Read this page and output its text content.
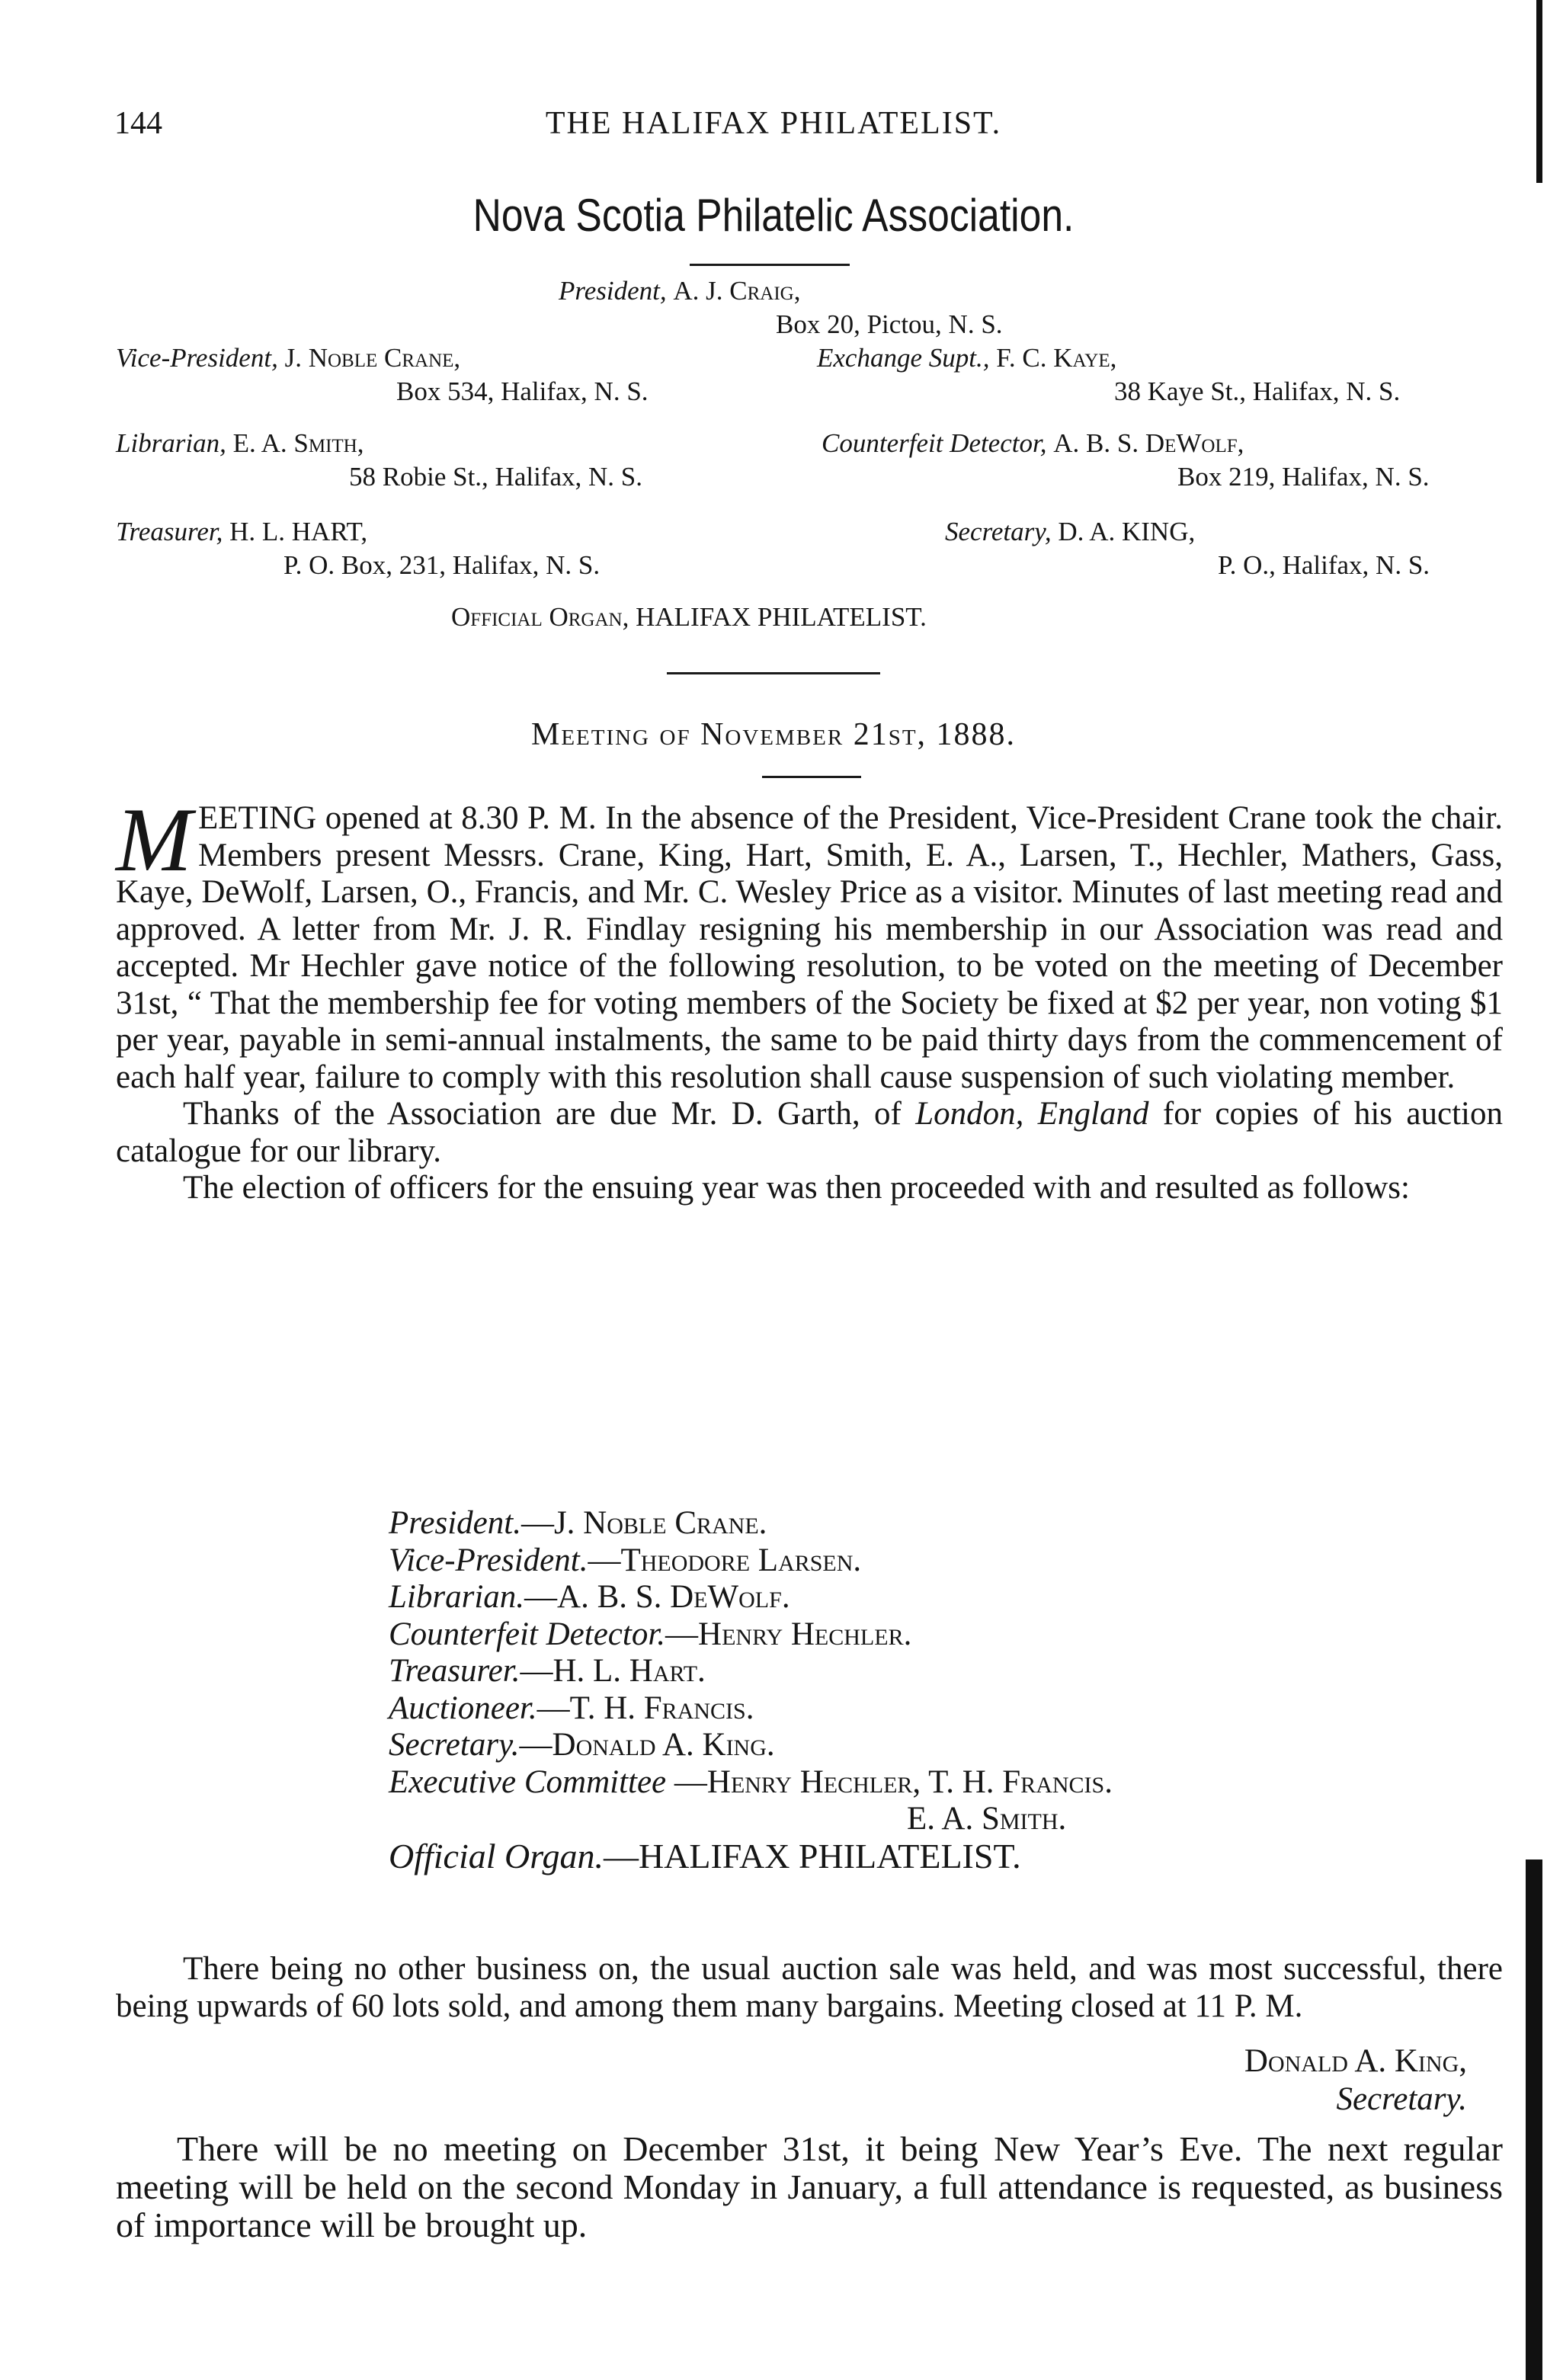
144	THE HALIFAX PHILATELIST.
Nova Scotia Philatelic Association.
President, A. J. Craig,
Box 20, Pictou, N. S.
Vice-President, J. Noble Crane,
Box 534, Halifax, N. S.
Exchange Supt., F. C. Kaye,
38 Kaye St., Halifax, N. S.
Librarian, E. A. Smith,
58 Robie St., Halifax, N. S.
Counterfeit Detector, A. B. S. DeWolf,
Box 219, Halifax, N. S.
Treasurer, H. L. HART,
P. O. Box, 231, Halifax, N. S.
Secretary, D. A. KING,
P. O., Halifax, N. S.
Official Organ, HALIFAX PHILATELIST.
Meeting of November 21st, 1888.

MEETING opened at 8.30 P. M. In the absence of the President, Vice-President Crane took the chair. Members present Messrs. Crane, King, Hart, Smith, E. A., Larsen, T., Hechler, Mathers, Gass, Kaye, DeWolf, Larsen, O., Francis, and Mr. C. Wesley Price as a visitor. Minutes of last meeting read and approved. A letter from Mr. J. R. Findlay resigning his membership in our Association was read and accepted. Mr Hechler gave notice of the following resolution, to be voted on the meeting of December 31st, “ That the membership fee for voting members of the Society be fixed at $2 per year, non voting $1 per year, payable in semi-annual instalments, the same to be paid thirty days from the commencement of each half year, failure to comply with this resolution shall cause suspension of such violating member.

Thanks of the Association are due Mr. D. Garth, of London, England for copies of his auction catalogue for our library.

The election of officers for the ensuing year was then proceeded with and resulted as follows:

President.—J. Noble Crane.
Vice-President.—Theodore Larsen.
Librarian.—A. B. S. DeWolf.
Counterfeit Detector.—Henry Hechler.
Treasurer.—H. L. Hart.
Auctioneer.—T. H. Francis.
Secretary.—Donald A. King.
Executive Committee —Henry Hechler, T. H. Francis.
E. A. Smith.
Official Organ.—HALIFAX PHILATELIST.

There being no other business on, the usual auction sale was held, and was most successful, there being upwards of 60 lots sold, and among them many bargains. Meeting closed at 11 P. M.

Donald A. King,
Secretary.

There will be no meeting on December 31st, it being New Year’s Eve. The next regular meeting will be held on the second Monday in January, a full attendance is requested, as business of importance will be brought up.
